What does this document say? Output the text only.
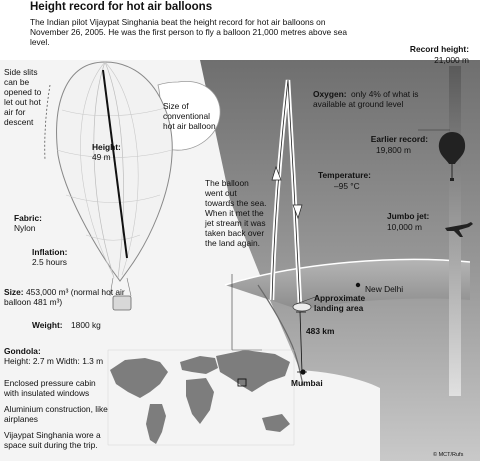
Height record for hot air balloons
The Indian pilot Vijaypat Singhania beat the height record for hot air balloons on November 26, 2005. He was the first person to fly a balloon 21,000 metres above sea level.
Record height:
21,000 m
Oxygen: only 4% of what is available at ground level
Earlier record:
19,800 m
Temperature:
–95 °C
Jumbo jet:
10,000 m
Side slits can be opened to let out hot air for descent
Height:
49 m
Size of conventional hot air balloon
Fabric:
Nylon
Inflation:
2.5 hours
Size: 453,000 m³ (normal hot air balloon 481 m³)
Weight: 1800 kg
Gondola:
Height: 2.7 m Width: 1.3 m
Enclosed pressure cabin with insulated windows
Aluminium construction, like airplanes
Vijaypat Singhania wore a space suit during the trip.
The balloon went out towards the sea. When it met the jet stream it was taken back over the land again.
Approximate landing area
New Delhi
483 km
Mumbai
© MCT/Rufs
